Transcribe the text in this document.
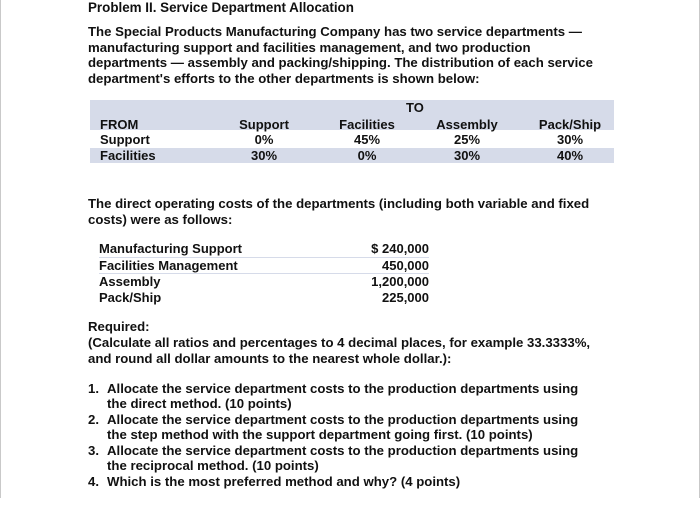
Problem II. Service Department Allocation
The Special Products Manufacturing Company has two service departments —
manufacturing support and facilities management, and two production
departments — assembly and packing/shipping. The distribution of each service
department's efforts to the other departments is shown below:
TO
FROM	Support	Facilities	Assembly	Pack/Ship
Support	0%	45%	25%	30%
Facilities	30%	0%	30%	40%
The direct operating costs of the departments (including both variable and fixed
costs) were as follows:
Manufacturing Support	$ 240,000
Facilities Management	450,000
Assembly	1,200,000
Pack/Ship	225,000
Required:
(Calculate all ratios and percentages to 4 decimal places, for example 33.3333%,
and round all dollar amounts to the nearest whole dollar.):
1. Allocate the service department costs to the production departments using
the direct method. (10 points)
2. Allocate the service department costs to the production departments using
the step method with the support department going first. (10 points)
3. Allocate the service department costs to the production departments using
the reciprocal method. (10 points)
4. Which is the most preferred method and why? (4 points)
